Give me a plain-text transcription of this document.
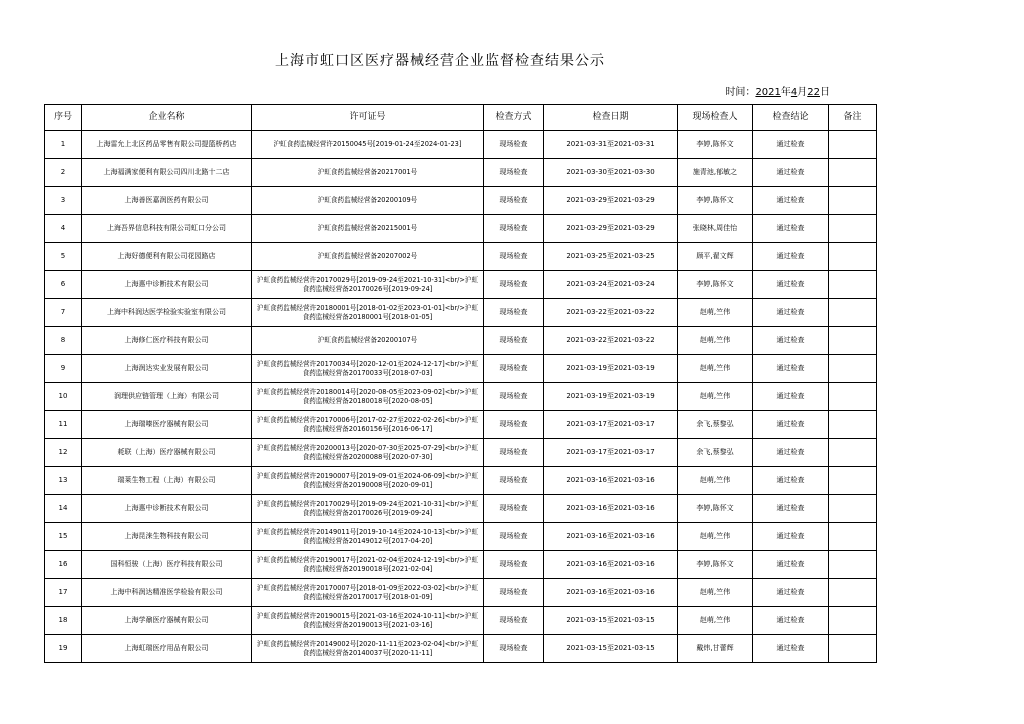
上海市虹口区医疗器械经营企业监督检查结果公示
时间：2021年4月22日
序号	企业名称	许可证号	检查方式	检查日期	现场检查人	检查结论	备注
1	上海雷允上北区药品零售有限公司提篮桥药店	沪虹食药监械经营许20150045号[2019-01-24至2024-01-23]	现场检查	2021-03-31至2021-03-31	李婷,陈怀文	通过检查	
2	上海福满家便利有限公司四川北路十二店	沪虹食药监械经营备20217001号	现场检查	2021-03-30至2021-03-30	施青池,郁敏之	通过检查	
3	上海善医嘉润医药有限公司	沪虹食药监械经营备20200109号	现场检查	2021-03-29至2021-03-29	李婷,陈怀文	通过检查	
4	上海吾界信息科技有限公司虹口分公司	沪虹食药监械经营备20215001号	现场检查	2021-03-29至2021-03-29	张晓林,周佳怡	通过检查	
5	上海好德便利有限公司花园路店	沪虹食药监械经营备20207002号	现场检查	2021-03-25至2021-03-25	顾平,翟文辉	通过检查	
6	上海惠中诊断技术有限公司	沪虹食药监械经营许20170029号[2019-09-24至2021-10-31]<br/>沪虹食药监械经营备20170026号[2019-09-24]	现场检查	2021-03-24至2021-03-24	李婷,陈怀文	通过检查	
7	上海中科润达医学检验实验室有限公司	沪虹食药监械经营许20180001号[2018-01-02至2023-01-01]<br/>沪虹食药监械经营备20180001号[2018-01-05]	现场检查	2021-03-22至2021-03-22	赵萌,竺伟	通过检查	
8	上海修仁医疗科技有限公司	沪虹食药监械经营备20200107号	现场检查	2021-03-22至2021-03-22	赵萌,竺伟	通过检查	
9	上海润达实业发展有限公司	沪虹食药监械经营许20170034号[2020-12-01至2024-12-17]<br/>沪虹食药监械经营备20170033号[2018-07-03]	现场检查	2021-03-19至2021-03-19	赵萌,竺伟	通过检查	
10	润理供应链管理（上海）有限公司	沪虹食药监械经营许20180014号[2020-08-05至2023-09-02]<br/>沪虹食药监械经营备20180018号[2020-08-05]	现场检查	2021-03-19至2021-03-19	赵萌,竺伟	通过检查	
11	上海瑞嗪医疗器械有限公司	沪虹食药监械经营许20170006号[2017-02-27至2022-02-26]<br/>沪虹食药监械经营备20160156号[2016-06-17]	现场检查	2021-03-17至2021-03-17	余飞,蔡黎弘	通过检查	
12	耗联（上海）医疗器械有限公司	沪虹食药监械经营许20200013号[2020-07-30至2025-07-29]<br/>沪虹食药监械经营备20200088号[2020-07-30]	现场检查	2021-03-17至2021-03-17	余飞,蔡黎弘	通过检查	
13	瑞莱生物工程（上海）有限公司	沪虹食药监械经营许20190007号[2019-09-01至2024-06-09]<br/>沪虹食药监械经营备20190008号[2020-09-01]	现场检查	2021-03-16至2021-03-16	赵萌,竺伟	通过检查	
14	上海惠中诊断技术有限公司	沪虹食药监械经营许20170029号[2019-09-24至2021-10-31]<br/>沪虹食药监械经营备20170026号[2019-09-24]	现场检查	2021-03-16至2021-03-16	李婷,陈怀文	通过检查	
15	上海昆涞生物科技有限公司	沪虹食药监械经营许20149011号[2019-10-14至2024-10-13]<br/>沪虹食药监械经营备20149012号[2017-04-20]	现场检查	2021-03-16至2021-03-16	赵萌,竺伟	通过检查	
16	国科恒骏（上海）医疗科技有限公司	沪虹食药监械经营许20190017号[2021-02-04至2024-12-19]<br/>沪虹食药监械经营备20190018号[2021-02-04]	现场检查	2021-03-16至2021-03-16	李婷,陈怀文	通过检查	
17	上海中科润达精准医学检验有限公司	沪虹食药监械经营许20170007号[2018-01-09至2022-03-02]<br/>沪虹食药监械经营备20170017号[2018-01-09]	现场检查	2021-03-16至2021-03-16	赵萌,竺伟	通过检查	
18	上海学鼐医疗器械有限公司	沪虹食药监械经营许20190015号[2021-03-16至2024-10-11]<br/>沪虹食药监械经营备20190013号[2021-03-16]	现场检查	2021-03-15至2021-03-15	赵萌,竺伟	通过检查	
19	上海虹瑞医疗用品有限公司	沪虹食药监械经营许20149002号[2020-11-11至2023-02-04]<br/>沪虹食药监械经营备20140037号[2020-11-11]	现场检查	2021-03-15至2021-03-15	戴炜,甘蕾辉	通过检查	
